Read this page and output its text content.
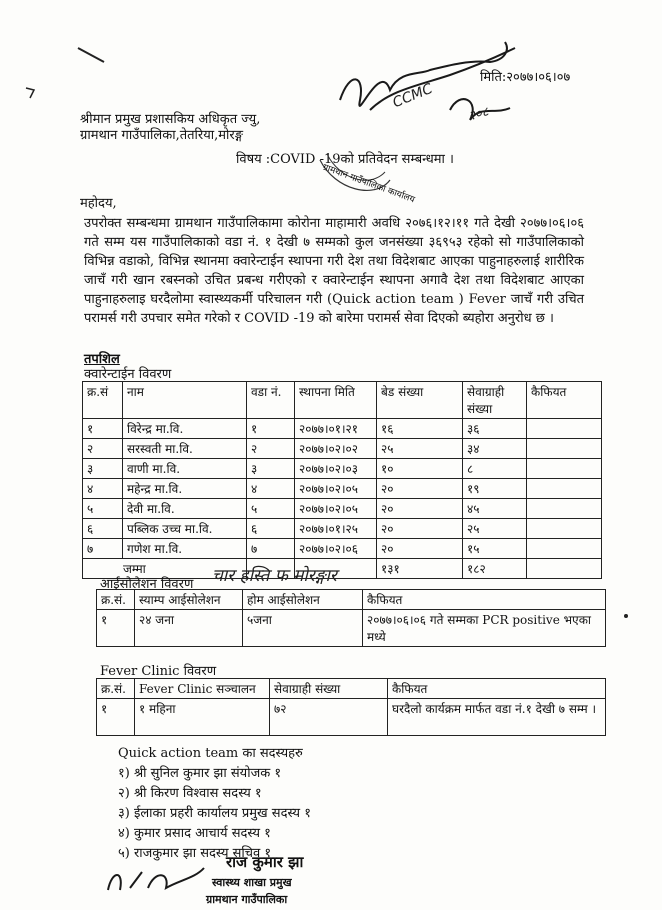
CCMC
२०८
मिति:२०७७।०६।०७
श्रीमान प्रमुख प्रशासकिय अधिकृत ज्यु,
ग्रामथान गाउँपालिका,तेतरिया,मोरङ्ग
विषय :COVID -19को प्रतिवेदन सम्बन्धमा ।
ग्रामथान गाउँपालिका कार्यालय
महोदय,
उपरोक्त सम्बन्धमा ग्रामथान गाउँपालिकामा कोरोना माहामारी अवधि २०७६।१२।११ गते देखी २०७७।०६।०६ गते सम्म यस गाउँपालिकाको वडा नं. १ देखी ७ सम्मको कुल जनसंख्या ३६९५३ रहेको सो गाउँपालिकाको विभिन्न वडाको, विभिन्न स्थानमा क्वारेन्टाईन स्थापना गरी देश तथा विदेशबाट आएका पाहुनाहरुलाई शारीरिक जाचँ गरी खान रबस्नको उचित प्रबन्ध गरीएको र क्वारेन्टाईन स्थापना अगावै देश तथा विदेशबाट आएका पाहुनाहरुलाइ घरदैलोमा स्वास्थ्यकर्मी परिचालन गरी (Quick action team ) Fever जाचँ गरी उचित परामर्स गरी उपचार समेत गरेको र COVID -19 को बारेमा परामर्स सेवा दिएको ब्यहोरा अनुरोध छ ।
तपशिल
क्वारेन्टाईन विवरण
क्र.सं	नाम	वडा नं.	स्थापना मिति	बेड संख्या	सेवाग्राही संख्या	कैफियत
१	विरेन्द्र मा.वि.	१	२०७७।०१।२१	१६	३६	
२	सरस्वती मा.वि.	२	२०७७।०२।०२	२५	३४	
३	वाणी मा.वि.	३	२०७७।०२।०३	१०	८	
४	महेन्द्र मा.वि.	४	२०७७।०२।०५	२०	१९	
५	देवी मा.वि.	५	२०७७।०२।०५	२०	४५	
६	पब्लिक उच्च मा.वि.	६	२०७७।०१।२५	२०	२५	
७	गणेश मा.वि.	७	२०७७।०२।०६	२०	१५	
जम्मा				१३१	१८२	
आईसोलेशन विवरण चार हस्ति फ मोरङ्गार
क्र.सं.	स्याम्प आईसोलेशन	होम आईसोलेशन	कैफियत
१	२४ जना	५जना	२०७७।०६।०६ गते सम्मका PCR positive भएका मध्ये
Fever Clinic विवरण
क्र.सं.	Fever Clinic सञ्चालन	सेवाग्राही संख्या	कैफियत
१	१ महिना	७२	घरदैलो कार्यक्रम मार्फत वडा नं.१ देखी ७ सम्म ।
Quick action team का सदस्यहरु
१) श्री सुनिल कुमार झा संयोजक १
२) श्री किरण विश्वास सदस्य १
३) ईलाका प्रहरी कार्यालय प्रमुख सदस्य १
४) कुमार प्रसाद आचार्य सदस्य १
५) राजकुमार झा सदस्य सचिव १
राज कुमार झा
स्वास्थ्य शाखा प्रमुख
ग्रामथान गाउँपालिका
